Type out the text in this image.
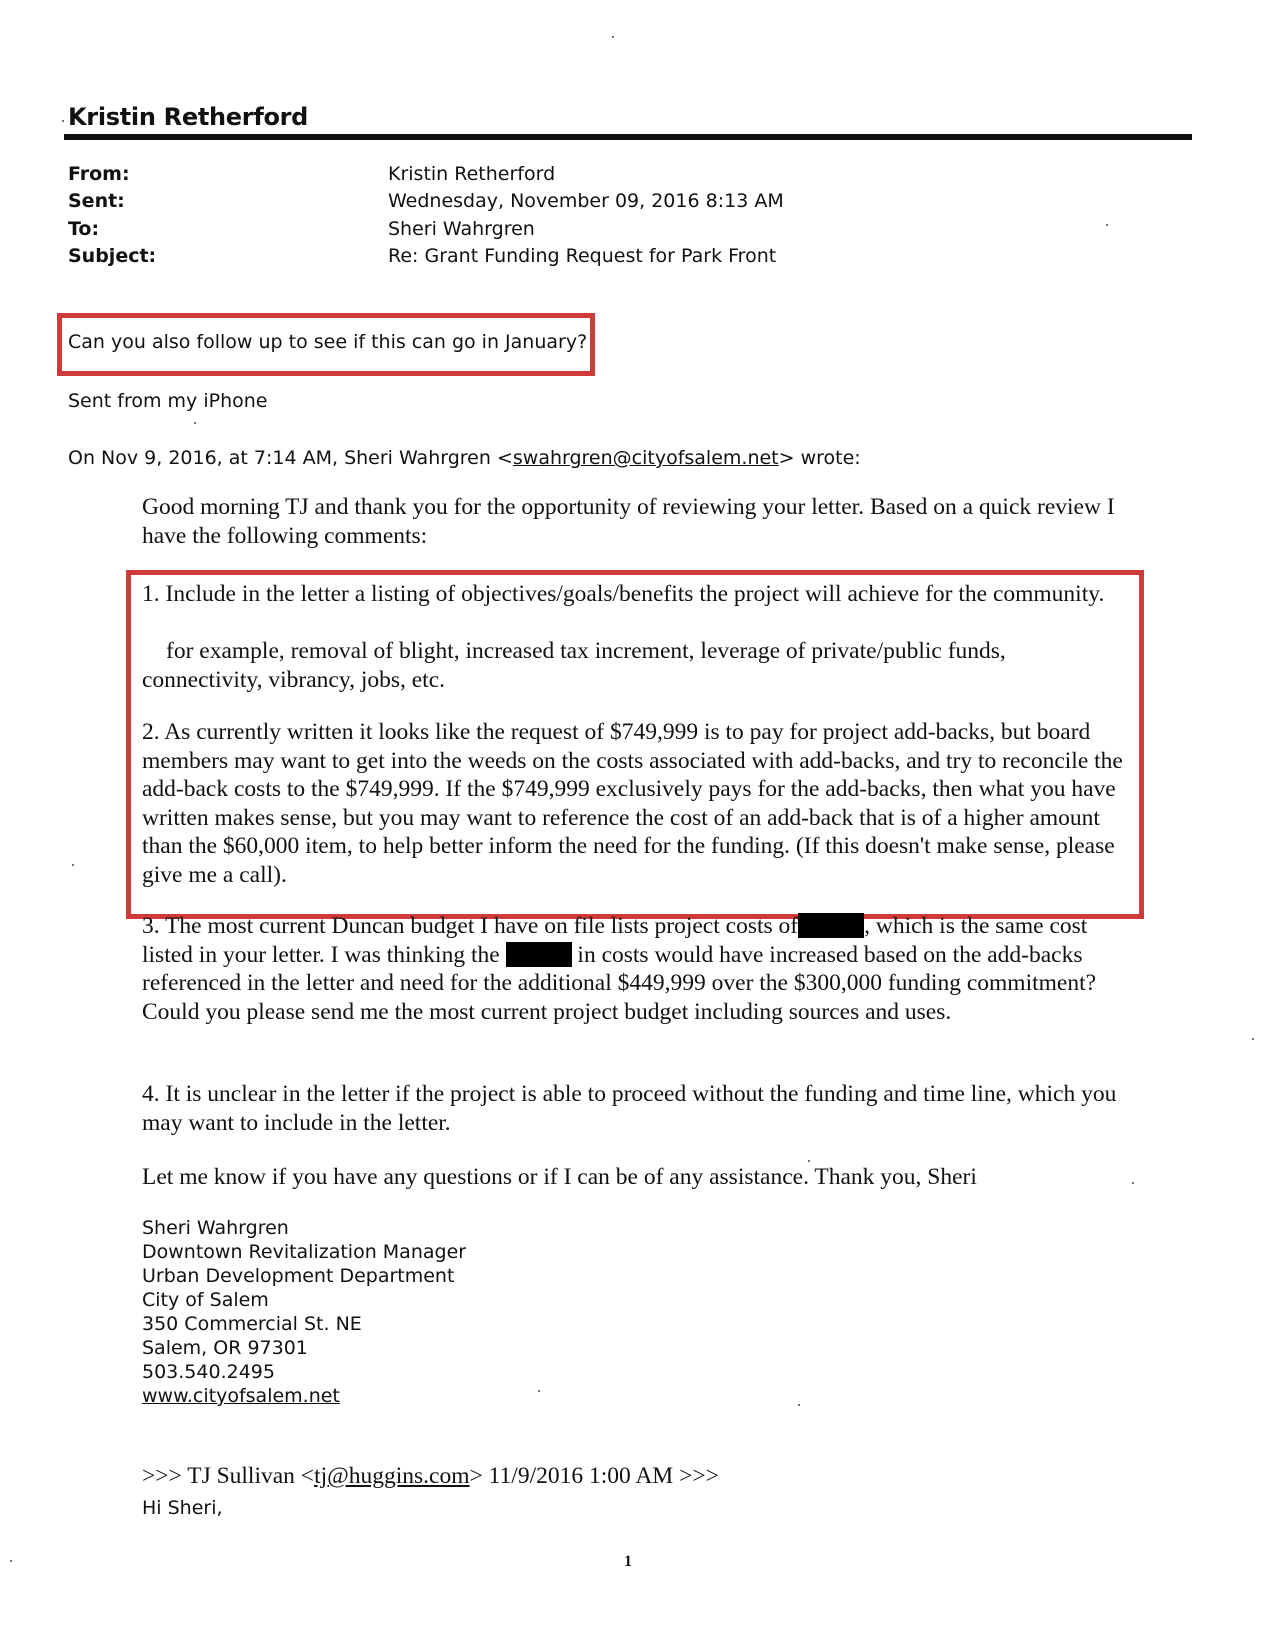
Kristin Retherford
From:	Kristin Retherford
Sent:	Wednesday, November 09, 2016 8:13 AM
To:	Sheri Wahrgren
Subject:	Re: Grant Funding Request for Park Front
Can you also follow up to see if this can go in January?
Sent from my iPhone
On Nov 9, 2016, at 7:14 AM, Sheri Wahrgren <swahrgren@cityofsalem.net> wrote:
Good morning TJ and thank you for the opportunity of reviewing your letter. Based on a quick review I have the following comments:
1. Include in the letter a listing of objectives/goals/benefits the project will achieve for the community.
for example, removal of blight, increased tax increment, leverage of private/public funds, connectivity, vibrancy, jobs, etc.
2. As currently written it looks like the request of $749,999 is to pay for project add-backs, but board members may want to get into the weeds on the costs associated with add-backs, and try to reconcile the add-back costs to the $749,999. If the $749,999 exclusively pays for the add-backs, then what you have written makes sense, but you may want to reference the cost of an add-back that is of a higher amount than the $60,000 item, to help better inform the need for the funding. (If this doesn't make sense, please give me a call).
3. The most current Duncan budget I have on file lists project costs of	, which is the same cost listed in your letter. I was thinking the	in costs would have increased based on the add-backs referenced in the letter and need for the additional $449,999 over the $300,000 funding commitment? Could you please send me the most current project budget including sources and uses.
4. It is unclear in the letter if the project is able to proceed without the funding and time line, which you may want to include in the letter.
Let me know if you have any questions or if I can be of any assistance. Thank you, Sheri
Sheri Wahrgren
Downtown Revitalization Manager
Urban Development Department
City of Salem
350 Commercial St. NE
Salem, OR 97301
503.540.2495
www.cityofsalem.net
>>> TJ Sullivan <tj@huggins.com> 11/9/2016 1:00 AM >>>
Hi Sheri,
1
